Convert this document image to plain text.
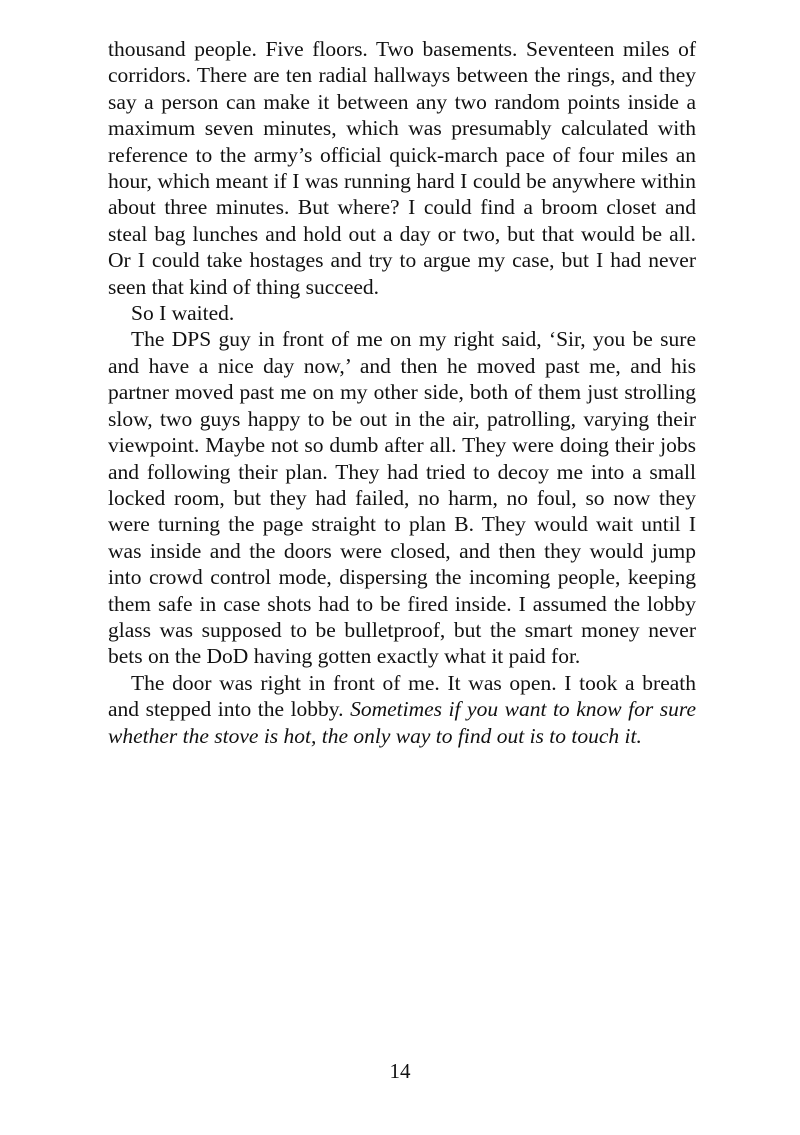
thousand people. Five floors. Two basements. Seventeen miles of corridors. There are ten radial hallways between the rings, and they say a person can make it between any two random points inside a maximum seven minutes, which was presumably calculated with reference to the army’s official quick-march pace of four miles an hour, which meant if I was running hard I could be anywhere within about three minutes. But where? I could find a broom closet and steal bag lunches and hold out a day or two, but that would be all. Or I could take hostages and try to argue my case, but I had never seen that kind of thing succeed.

So I waited.

The DPS guy in front of me on my right said, ‘Sir, you be sure and have a nice day now,’ and then he moved past me, and his partner moved past me on my other side, both of them just strolling slow, two guys happy to be out in the air, patrolling, varying their viewpoint. Maybe not so dumb after all. They were doing their jobs and following their plan. They had tried to decoy me into a small locked room, but they had failed, no harm, no foul, so now they were turning the page straight to plan B. They would wait until I was inside and the doors were closed, and then they would jump into crowd control mode, dispersing the incoming people, keeping them safe in case shots had to be fired inside. I assumed the lobby glass was supposed to be bulletproof, but the smart money never bets on the DoD having gotten exactly what it paid for.

The door was right in front of me. It was open. I took a breath and stepped into the lobby. Sometimes if you want to know for sure whether the stove is hot, the only way to find out is to touch it.

14
